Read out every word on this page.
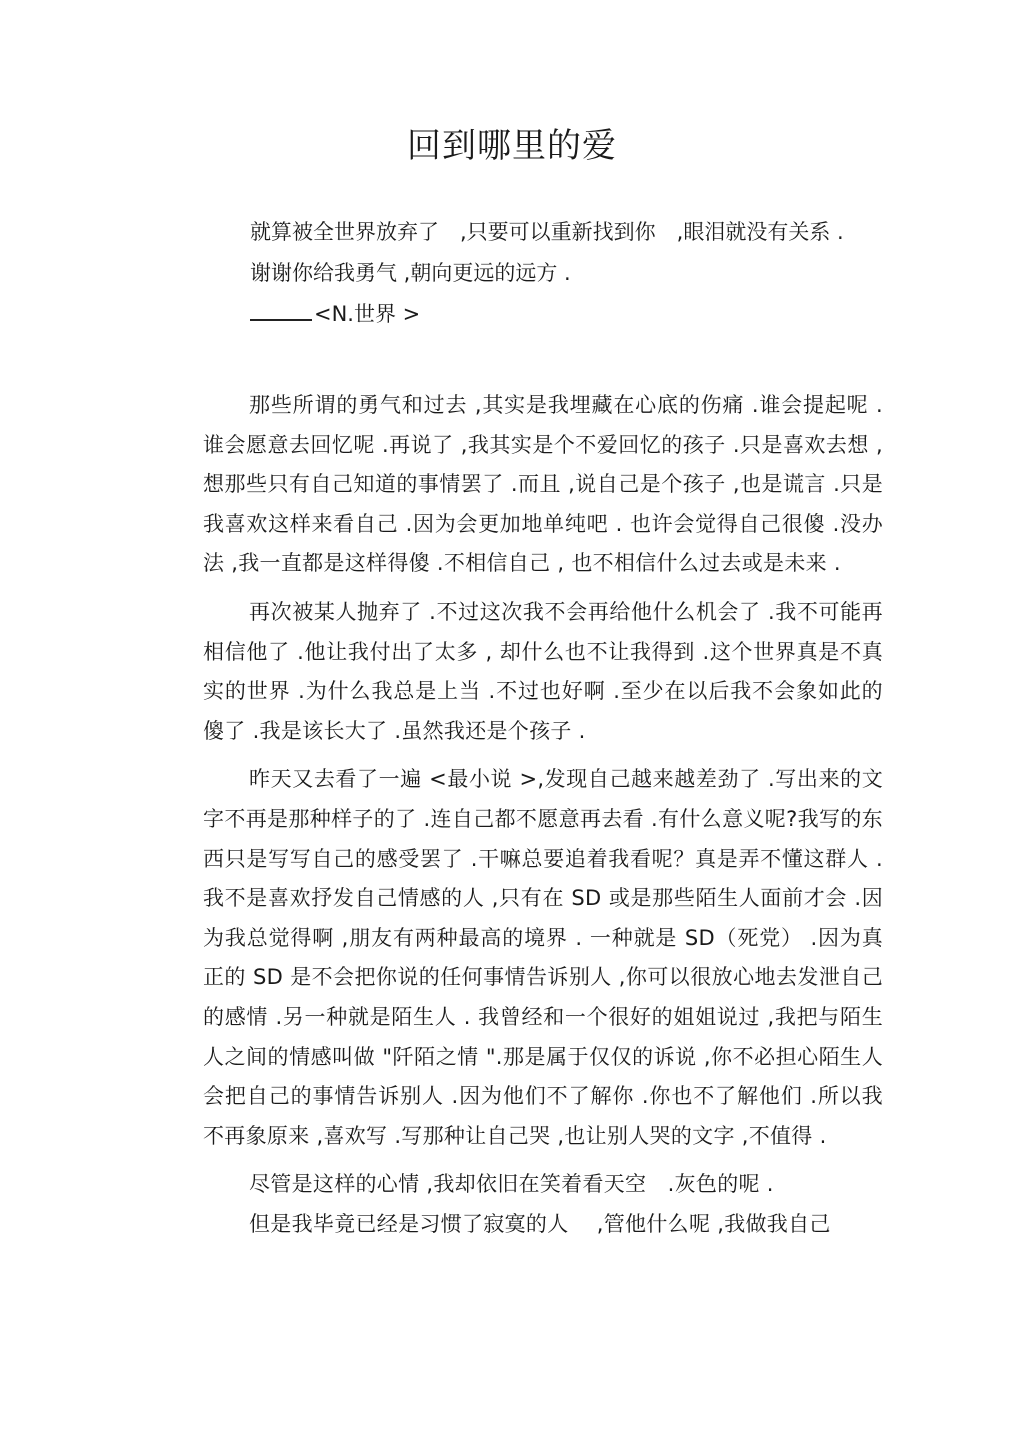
回到哪里的爱

就算被全世界放弃了　,只要可以重新找到你　,眼泪就没有关系 .

谢谢你给我勇气 ,朝向更远的远方 .

<N.世界 >

那些所谓的勇气和过去 ,其实是我埋藏在心底的伤痛 .谁会提起呢 .谁会愿意去回忆呢 .再说了 ,我其实是个不爱回忆的孩子 .只是喜欢去想 ,想那些只有自己知道的事情罢了 .而且 ,说自己是个孩子 ,也是谎言 .只是我喜欢这样来看自己 .因为会更加地单纯吧 . 也许会觉得自己很傻 .没办法 ,我一直都是这样得傻 .不相信自己 , 也不相信什么过去或是未来 .

再次被某人抛弃了 .不过这次我不会再给他什么机会了 .我不可能再相信他了 .他让我付出了太多 , 却什么也不让我得到 .这个世界真是不真实的世界 .为什么我总是上当 .不过也好啊 .至少在以后我不会象如此的傻了 .我是该长大了 .虽然我还是个孩子 .

昨天又去看了一遍 <最小说 >,发现自己越来越差劲了 .写出来的文字不再是那种样子的了 .连自己都不愿意再去看 .有什么意义呢?我写的东西只是写写自己的感受罢了 .干嘛总要追着我看呢？真是弄不懂这群人 .我不是喜欢抒发自己情感的人 ,只有在 SD 或是那些陌生人面前才会 .因为我总觉得啊 ,朋友有两种最高的境界 . 一种就是 SD（死党） .因为真正的 SD 是不会把你说的任何事情告诉别人 ,你可以很放心地去发泄自己的感情 .另一种就是陌生人 . 我曾经和一个很好的姐姐说过 ,我把与陌生人之间的情感叫做 "阡陌之情 ".那是属于仅仅的诉说 ,你不必担心陌生人会把自己的事情告诉别人 .因为他们不了解你 .你也不了解他们 .所以我不再象原来 ,喜欢写 .写那种让自己哭 ,也让别人哭的文字 ,不值得 .

尽管是这样的心情 ,我却依旧在笑着看天空　.灰色的呢 .

但是我毕竟已经是习惯了寂寞的人　 ,管他什么呢 ,我做我自己
